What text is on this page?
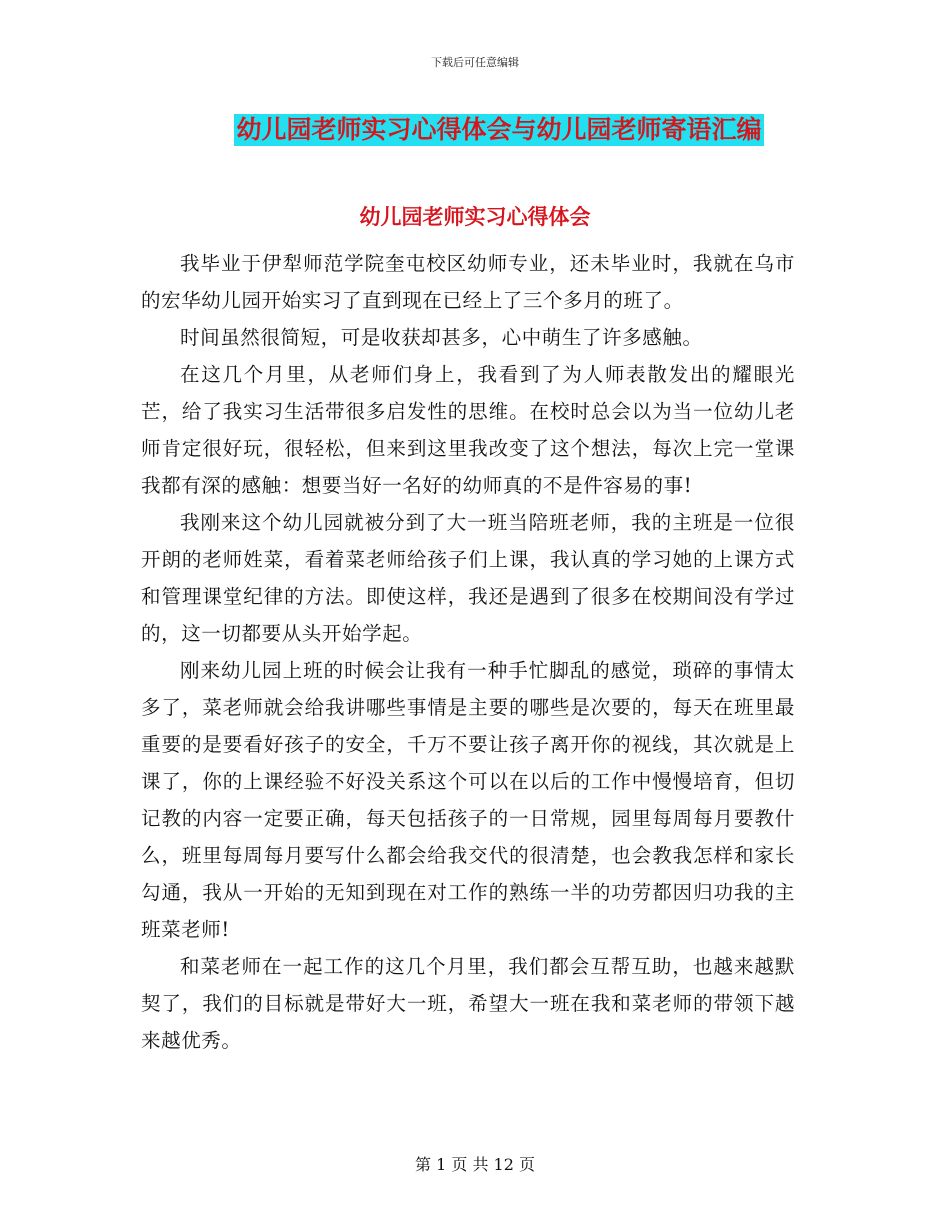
下载后可任意编辑
幼儿园老师实习心得体会与幼儿园老师寄语汇编
幼儿园老师实习心得体会

我毕业于伊犁师范学院奎屯校区幼师专业，还未毕业时，我就在乌市的宏华幼儿园开始实习了直到现在已经上了三个多月的班了。

时间虽然很简短，可是收获却甚多，心中萌生了许多感触。

在这几个月里，从老师们身上，我看到了为人师表散发出的耀眼光芒，给了我实习生活带很多启发性的思维。在校时总会以为当一位幼儿老师肯定很好玩，很轻松，但来到这里我改变了这个想法，每次上完一堂课我都有深的感触：想要当好一名好的幼师真的不是件容易的事!

我刚来这个幼儿园就被分到了大一班当陪班老师，我的主班是一位很开朗的老师姓菜，看着菜老师给孩子们上课，我认真的学习她的上课方式和管理课堂纪律的方法。即使这样，我还是遇到了很多在校期间没有学过的，这一切都要从头开始学起。

刚来幼儿园上班的时候会让我有一种手忙脚乱的感觉，琐碎的事情太多了，菜老师就会给我讲哪些事情是主要的哪些是次要的，每天在班里最重要的是要看好孩子的安全，千万不要让孩子离开你的视线，其次就是上课了，你的上课经验不好没关系这个可以在以后的工作中慢慢培育，但切记教的内容一定要正确，每天包括孩子的一日常规，园里每周每月要教什么，班里每周每月要写什么都会给我交代的很清楚，也会教我怎样和家长勾通，我从一开始的无知到现在对工作的熟练一半的功劳都因归功我的主班菜老师!

和菜老师在一起工作的这几个月里，我们都会互帮互助，也越来越默契了，我们的目标就是带好大一班，希望大一班在我和菜老师的带领下越来越优秀。

第 1 页 共 12 页
